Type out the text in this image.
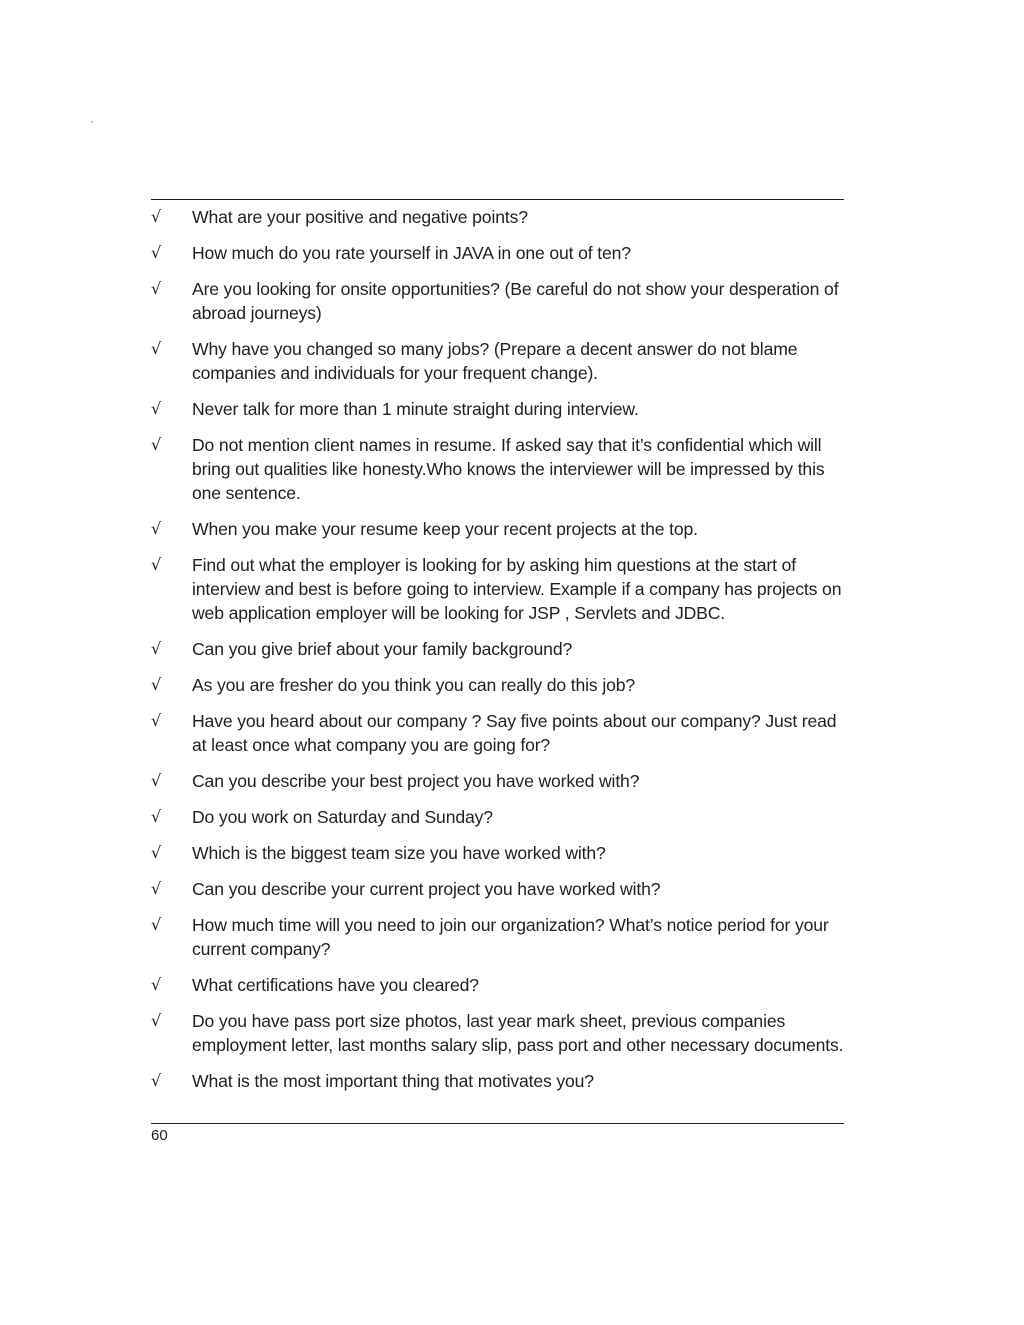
√	What are your positive and negative points?
√	How much do you rate yourself in JAVA in one out of ten?
√	Are you looking for onsite opportunities? (Be careful do not show your desperation of abroad journeys)
√	Why have you changed so many jobs? (Prepare a decent answer do not blame companies and individuals for your frequent change).
√	Never talk for more than 1 minute straight during interview.
√	Do not mention client names in resume. If asked say that it’s confidential which will bring out qualities like honesty.Who knows the interviewer will be impressed by this one sentence.
√	When you make your resume keep your recent projects at the top.
√	Find out what the employer is looking for by asking him questions at the start of interview and best is before going to interview. Example if a company has projects on web application employer will be looking for JSP , Servlets and JDBC.
√	Can you give brief about your family background?
√	As you are fresher do you think you can really do this job?
√	Have you heard about our company ? Say five points about our company? Just read at least once what company you are going for?
√	Can you describe your best project you have worked with?
√	Do you work on Saturday and Sunday?
√	Which is the biggest team size you have worked with?
√	Can you describe your current project you have worked with?
√	How much time will you need to join our organization? What’s notice period for your current company?
√	What certifications have you cleared?
√	Do you have pass port size photos, last year mark sheet, previous companies employment letter, last months salary slip, pass port and other necessary documents.
√	What is the most important thing that motivates you?
60
